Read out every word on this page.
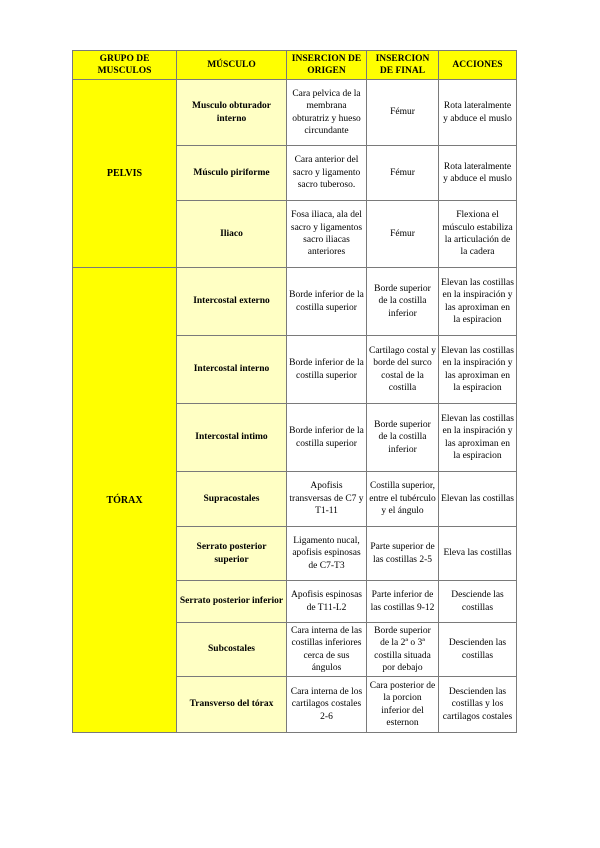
GRUPO DE MUSCULOS	MÚSCULO	INSERCION DE ORIGEN	INSERCION DE FINAL	ACCIONES
PELVIS	Musculo obturador interno	Cara pelvica de la membrana obturatriz y hueso circundante	Fémur	Rota lateralmente y abduce el muslo
	Músculo piriforme	Cara anterior del sacro y ligamento sacro tuberoso.	Fémur	Rota lateralmente y abduce el muslo
	Iliaco	Fosa iliaca, ala del sacro y ligamentos sacro iliacas anteriores	Fémur	Flexiona el músculo estabiliza la articulación de la cadera
TÓRAX	Intercostal externo	Borde inferior de la costilla superior	Borde superior de la costilla inferior	Elevan las costillas en la inspiración y las aproximan en la espiracion
	Intercostal interno	Borde inferior de la costilla superior	Cartilago costal y borde del surco costal de la costilla	Elevan las costillas en la inspiración y las aproximan en la espiracion
	Intercostal intimo	Borde inferior de la costilla superior	Borde superior de la costilla inferior	Elevan las costillas en la inspiración y las aproximan en la espiracion
	Supracostales	Apofisis transversas de C7 y T1-11	Costilla superior, entre el tubérculo y el ángulo	Elevan las costillas
	Serrato posterior superior	Ligamento nucal, apofisis espinosas de C7-T3	Parte superior de las costillas 2-5	Eleva las costillas
	Serrato posterior inferior	Apofisis espinosas de T11-L2	Parte inferior de las costillas 9-12	Desciende las costillas
	Subcostales	Cara interna de las costillas inferiores cerca de sus ángulos	Borde superior de la 2ª o 3ª costilla situada por debajo	Descienden las costillas
	Transverso del tórax	Cara interna de los cartilagos costales 2-6	Cara posterior de la porcion inferior del esternon	Descienden las costillas y los cartilagos costales
